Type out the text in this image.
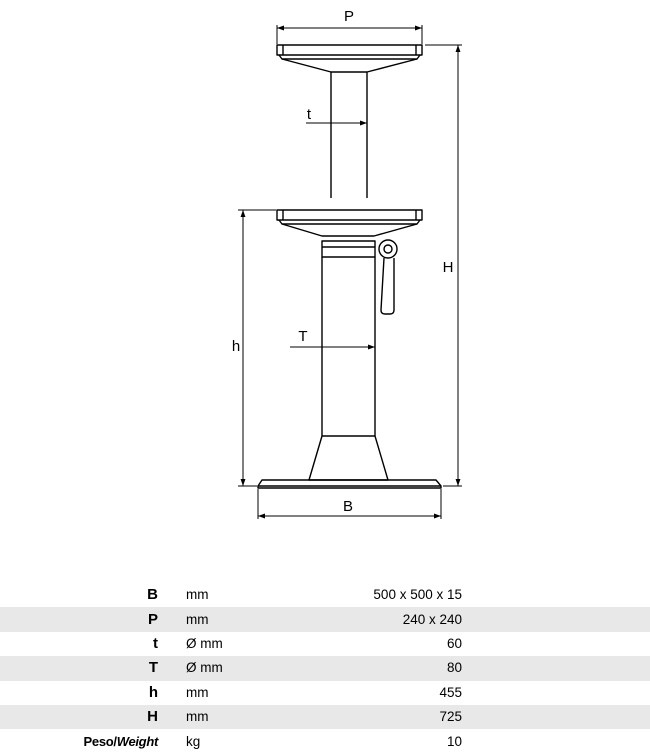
P
t
H
h
T
B
B	mm	500 x 500 x 15	
P	mm	240 x 240	
t	Ø mm	60	
T	Ø mm	80	
h	mm	455	
H	mm	725	
Peso/Weight	kg	10	
